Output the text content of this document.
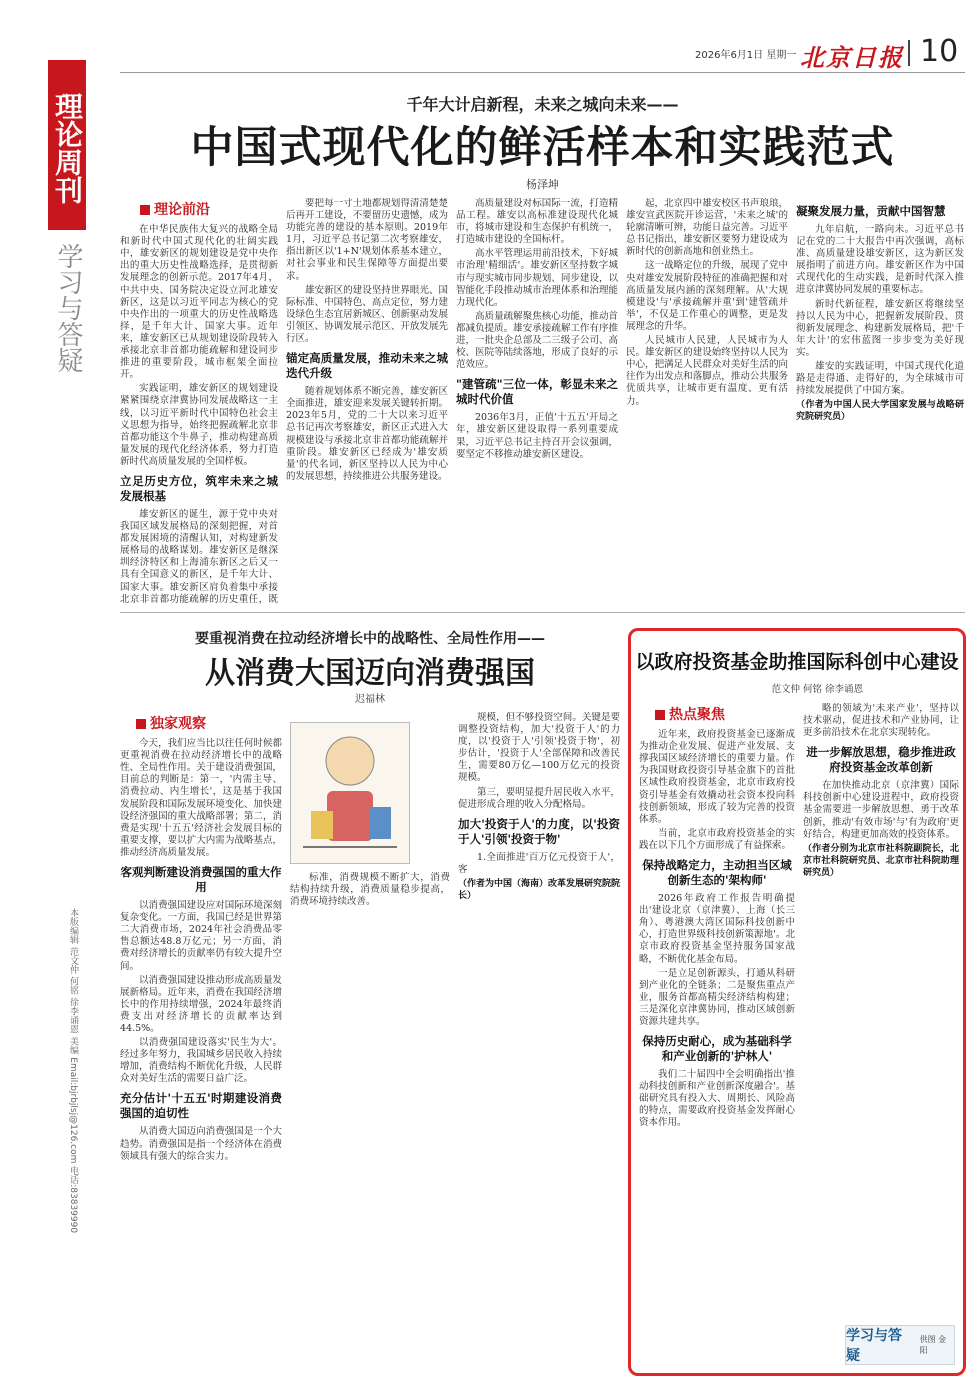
理论周刊
学习与答疑
本版编辑 范文仲 何铭 徐李诵恩 美编 Email:bjrbjlsj@126.com 电话:83839990
2026年6月1日 星期一 北京日报 10
千年大计启新程，未来之城向未来——
中国式现代化的鲜活样本和实践范式
杨泽坤
理论前沿

在中华民族伟大复兴的战略全局和新时代中国式现代化的壮阔实践中，雄安新区的规划建设是党中央作出的重大历史性战略选择，是贯彻新发展理念的创新示范。2017年4月，中共中央、国务院决定设立河北雄安新区，这是以习近平同志为核心的党中央作出的一项重大的历史性战略选择，是千年大计、国家大事。近年来，雄安新区已从规划建设阶段转入承接北京非首都功能疏解和建设同步推进的重要阶段，城市框架全面拉开。

实践证明，雄安新区的规划建设紧紧围绕京津冀协同发展战略这一主线，以习近平新时代中国特色社会主义思想为指导，始终把握疏解北京非首都功能这个牛鼻子，推动构建高质量发展的现代化经济体系，努力打造新时代高质量发展的全国样板。

立足历史方位，筑牢未来之城发展根基

雄安新区的诞生，源于党中央对我国区域发展格局的深刻把握，对首都发展困境的清醒认知，对构建新发展格局的战略谋划。雄安新区是继深圳经济特区和上海浦东新区之后又一具有全国意义的新区，是千年大计、国家大事。雄安新区肩负着集中承接北京非首都功能疏解的历史重任，既

要把每一寸土地都规划得清清楚楚后再开工建设，不要留历史遗憾，成为功能完善的建设的基本原则。2019年1月，习近平总书记第二次考察雄安，指出新区以'1+N'规划体系基本建立，对社会事业和民生保障等方面提出要求。

雄安新区的建设坚持世界眼光、国际标准、中国特色、高点定位，努力建设绿色生态宜居新城区、创新驱动发展引领区、协调发展示范区、开放发展先行区。

锚定高质量发展，推动未来之城迭代升级

随着规划体系不断完善，雄安新区全面推进，雄安迎来发展关键转折期。2023年5月，党的二十大以来习近平总书记再次考察雄安，新区正式进入大规模建设与承接北京非首都功能疏解并重阶段。雄安新区已经成为'雄安质量'的代名词，新区坚持以人民为中心的发展思想，持续推进公共服务建设。

高质量建设对标国际一流，打造精品工程。雄安以高标准建设现代化城市，将城市建设和生态保护有机统一，打造城市建设的全国标杆。

高水平管理运用前沿技术，下好城市治理'精细活'。雄安新区坚持数字城市与现实城市同步规划、同步建设，以智能化手段推动城市治理体系和治理能力现代化。

高质量疏解聚焦核心功能，推动首都减负提质。雄安承接疏解工作有序推进，一批央企总部及二三级子公司、高校、医院等陆续落地，形成了良好的示范效应。

"建管疏"三位一体，彰显未来之城时代价值

2036年3月，正值'十五五'开局之年，雄安新区建设取得一系列重要成果，习近平总书记主持召开会议强调，要坚定不移推动雄安新区建设。

起，北京四中雄安校区书声琅琅，雄安宣武医院开诊运营，'未来之城'的轮廓清晰可辨，功能日益完善。习近平总书记指出，雄安新区要努力建设成为新时代的创新高地和创业热土。

这一战略定位的升级，展现了党中央对雄安发展阶段特征的准确把握和对高质量发展内涵的深刻理解。从'大规模建设'与'承接疏解并重'到'建管疏并举'，不仅是工作重心的调整，更是发展理念的升华。

人民城市人民建，人民城市为人民。雄安新区的建设始终坚持以人民为中心，把满足人民群众对美好生活的向往作为出发点和落脚点，推动公共服务优质共享，让城市更有温度、更有活力。

凝聚发展力量，贡献中国智慧

九年启航，一路向未。习近平总书记在党的二十大报告中再次强调，高标准、高质量建设雄安新区，这为新区发展指明了前进方向。雄安新区作为中国式现代化的生动实践，是新时代深入推进京津冀协同发展的重要标志。

新时代新征程，雄安新区将继续坚持以人民为中心，把握新发展阶段、贯彻新发展理念、构建新发展格局，把'千年大计'的宏伟蓝图一步步变为美好现实。

雄安的实践证明，中国式现代化道路是走得通、走得好的，为全球城市可持续发展提供了中国方案。

（作者为中国人民大学国家发展与战略研究院研究员）
要重视消费在拉动经济增长中的战略性、全局性作用——
从消费大国迈向消费强国
迟福林
独家观察

今天，我们应当比以往任何时候都更重视消费在拉动经济增长中的战略性、全局性作用。关于建设消费强国，目前总的判断是：第一，'内需主导、消费拉动、内生增长'，这是基于我国发展阶段和国际发展环境变化、加快建设经济强国的重大战略部署；第二，消费是实现'十五五'经济社会发展目标的重要支撑，要以扩大内需为战略基点，推动经济高质量发展。

客观判断建设消费强国的重大作用

以消费强国建设应对国际环境深刻复杂变化。一方面，我国已经是世界第二大消费市场，2024年社会消费品零售总额达48.8万亿元；另一方面，消费对经济增长的贡献率仍有较大提升空间。

以消费强国建设推动形成高质量发展新格局。近年来，消费在我国经济增长中的作用持续增强，2024年最终消费支出对经济增长的贡献率达到44.5%。

以消费强国建设落实'民生为大'。经过多年努力，我国城乡居民收入持续增加，消费结构不断优化升级，人民群众对美好生活的需要日益广泛。

充分估计'十五五'时期建设消费强国的迫切性

从消费大国迈向消费强国是一个大趋势。消费强国是指一个经济体在消费领域具有强大的综合实力。

标准，消费规模不断扩大，消费结构持续升级，消费质量稳步提高，消费环境持续改善。

规模，但不够投资空间。关键是要调整投资结构，加大'投资于人'的力度，以'投资于人'引领'投资于物'，初步估计，'投资于人'全部保障和改善民生，需要80万亿—100万亿元的投资规模。

第三，要明显提升居民收入水平，促进形成合理的收入分配格局。

加大'投资于人'的力度，以'投资于人'引领'投资于物'

1.全面推进'百万亿元投资于人'，客

（作者为中国（海南）改革发展研究院院长）
以政府投资基金助推国际科创中心建设
范文仲 何铭 徐李诵恩
热点聚焦

近年来，政府投资基金已逐渐成为推动企业发展、促进产业发展、支撑我国区域经济增长的重要力量。作为我国财政投资引导基金旗下的首批区域性政府投资基金，北京市政府投资引导基金有效撬动社会资本投向科技创新领域，形成了较为完善的投资体系。

当前，北京市政府投资基金的实践在以下几个方面形成了有益探索。

保持战略定力，主动担当区域创新生态的'架构师'

2026年政府工作报告明确提出'建设北京（京津冀）、上海（长三角）、粤港澳大湾区国际科技创新中心，打造世界级科技创新策源地'。北京市政府投资基金坚持服务国家战略，不断优化基金布局。

一是立足创新源头，打通从科研到产业化的全链条；二是聚焦重点产业，服务首都高精尖经济结构构建；三是深化京津冀协同，推动区域创新资源共建共享。

保持历史耐心，成为基础科学和产业创新的'护林人'

我们二十届四中全会明确指出'推动科技创新和产业创新深度融合'。基础研究具有投入大、周期长、风险高的特点，需要政府投资基金发挥耐心资本作用。

略的领域为'未来产业'，坚持以技术驱动，促进技术和产业协同，让更多前沿技术在北京实现转化。

进一步解放思想，稳步推进政府投资基金改革创新

在加快推动北京（京津冀）国际科技创新中心建设进程中，政府投资基金需要进一步解放思想、勇于改革创新，推动'有效市场'与'有为政府'更好结合，构建更加高效的投资体系。

（作者分别为北京市社科院副院长，北京市社科院研究员、北京市社科院助理研究员）
学习与答疑
供图 金阳
